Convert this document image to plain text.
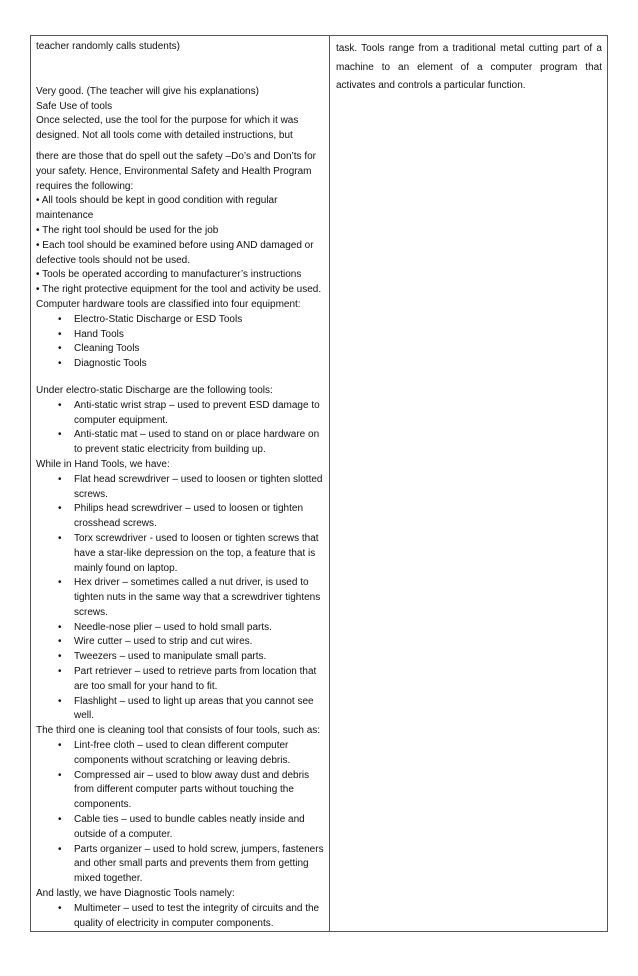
teacher randomly calls students)

Very good. (The teacher will give his explanations)

Safe Use of tools

Once selected, use the tool for the purpose for which it was designed. Not all tools come with detailed instructions, but

there are those that do spell out the safety –Do’s and Don’ts for your safety. Hence, Environmental Safety and Health Program requires the following:

• All tools should be kept in good condition with regular maintenance

• The right tool should be used for the job

• Each tool should be examined before using AND damaged or defective tools should not be used.

• Tools be operated according to manufacturer’s instructions

• The right protective equipment for the tool and activity be used.

Computer hardware tools are classified into four equipment:

• Electro-Static Discharge or ESD Tools
• Hand Tools
• Cleaning Tools
• Diagnostic Tools

Under electro-static Discharge are the following tools:

• Anti-static wrist strap – used to prevent ESD damage to computer equipment.
• Anti-static mat – used to stand on or place hardware on to prevent static electricity from building up.

While in Hand Tools, we have:

• Flat head screwdriver – used to loosen or tighten slotted screws.
• Philips head screwdriver – used to loosen or tighten crosshead screws.
• Torx screwdriver - used to loosen or tighten screws that have a star-like depression on the top, a feature that is mainly found on laptop.
• Hex driver – sometimes called a nut driver, is used to tighten nuts in the same way that a screwdriver tightens screws.
• Needle-nose plier – used to hold small parts.
• Wire cutter – used to strip and cut wires.
• Tweezers – used to manipulate small parts.
• Part retriever – used to retrieve parts from location that are too small for your hand to fit.
• Flashlight – used to light up areas that you cannot see well.

The third one is cleaning tool that consists of four tools, such as:

• Lint-free cloth – used to clean different computer components without scratching or leaving debris.
• Compressed air – used to blow away dust and debris from different computer parts without touching the components.
• Cable ties – used to bundle cables neatly inside and outside of a computer.
• Parts organizer – used to hold screw, jumpers, fasteners and other small parts and prevents them from getting mixed together.

And lastly, we have Diagnostic Tools namely:

• Multimeter – used to test the integrity of circuits and the quality of electricity in computer components.

task. Tools range from a traditional metal cutting part of a machine to an element of a computer program that activates and controls a particular function.
